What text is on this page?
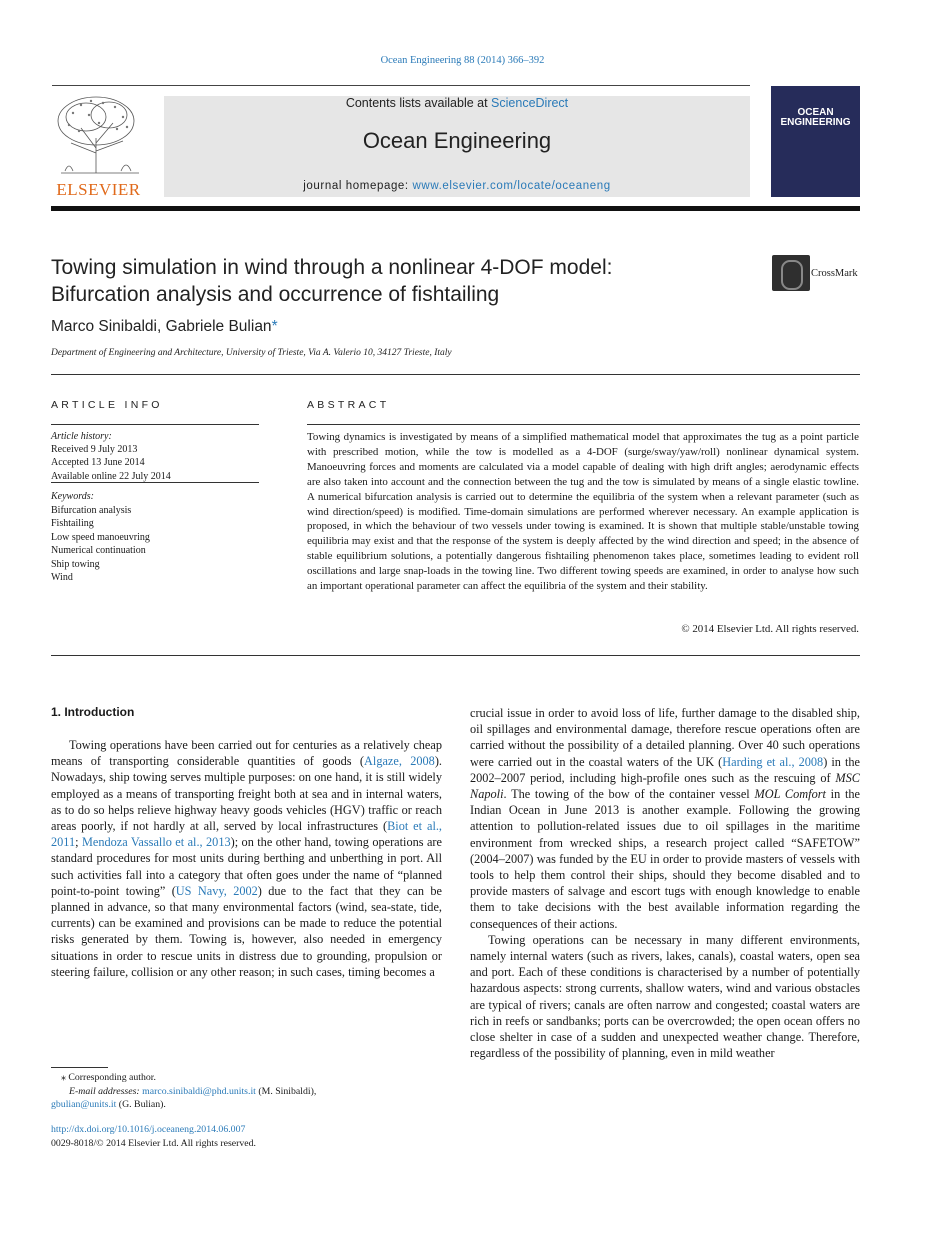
Ocean Engineering 88 (2014) 366–392
ELSEVIER
Contents lists available at ScienceDirect
Ocean Engineering
journal homepage: www.elsevier.com/locate/oceaneng
OCEAN ENGINEERING
Towing simulation in wind through a nonlinear 4-DOF model:
Bifurcation analysis and occurrence of fishtailing
CrossMark
Marco Sinibaldi, Gabriele Bulian*
Department of Engineering and Architecture, University of Trieste, Via A. Valerio 10, 34127 Trieste, Italy
ARTICLE INFO
Article history:
Received 9 July 2013
Accepted 13 June 2014
Available online 22 July 2014
Keywords:
Bifurcation analysis
Fishtailing
Low speed manoeuvring
Numerical continuation
Ship towing
Wind
ABSTRACT
Towing dynamics is investigated by means of a simplified mathematical model that approximates the tug as a point particle with prescribed motion, while the tow is modelled as a 4-DOF (surge/sway/yaw/roll) nonlinear dynamical system. Manoeuvring forces and moments are calculated via a model capable of dealing with high drift angles; aerodynamic effects are also taken into account and the connection between the tug and the tow is simulated by means of a single elastic towline. A numerical bifurcation analysis is carried out to determine the equilibria of the system when a relevant parameter (such as wind direction/speed) is modified. Time-domain simulations are performed wherever necessary. An example application is proposed, in which the behaviour of two vessels under towing is examined. It is shown that multiple stable/unstable towing equilibria may exist and that the response of the system is deeply affected by the wind direction and speed; in the absence of stable equilibrium solutions, a potentially dangerous fishtailing phenomenon takes place, sometimes leading to evident roll oscillations and large snap-loads in the towing line. Two different towing speeds are examined, in order to analyse how such an important operational parameter can affect the equilibria of the system and their stability.
© 2014 Elsevier Ltd. All rights reserved.
1. Introduction

Towing operations have been carried out for centuries as a relatively cheap means of transporting considerable quantities of goods (Algaze, 2008). Nowadays, ship towing serves multiple purposes: on one hand, it is still widely employed as a means of transporting freight both at sea and in internal waters, as to do so helps relieve highway heavy goods vehicles (HGV) traffic or reach areas poorly, if not hardly at all, served by local infrastructures (Biot et al., 2011; Mendoza Vassallo et al., 2013); on the other hand, towing operations are standard procedures for most units during berthing and unberthing in port. All such activities fall into a category that often goes under the name of “planned point-to-point towing” (US Navy, 2002) due to the fact that they can be planned in advance, so that many environmental factors (wind, sea-state, tide, currents) can be examined and provisions can be made to reduce the potential risks generated by them. Towing is, however, also needed in emergency situations in order to rescue units in distress due to grounding, propulsion or steering failure, collision or any other reason; in such cases, timing becomes a

crucial issue in order to avoid loss of life, further damage to the disabled ship, oil spillages and environmental damage, therefore rescue operations often are carried without the possibility of a detailed planning. Over 40 such operations were carried out in the coastal waters of the UK (Harding et al., 2008) in the 2002–2007 period, including high-profile ones such as the rescuing of MSC Napoli. The towing of the bow of the container vessel MOL Comfort in the Indian Ocean in June 2013 is another example. Following the growing attention to pollution-related issues due to oil spillages in the maritime environment from wrecked ships, a research project called “SAFETOW” (2004–2007) was funded by the EU in order to provide masters of vessels with tools to help them control their ships, should they become disabled and to provide masters of salvage and escort tugs with enough knowledge to enable them to take decisions with the best available information regarding the consequences of their actions.

Towing operations can be necessary in many different environments, namely internal waters (such as rivers, lakes, canals), coastal waters, open sea and port. Each of these conditions is characterised by a number of potentially hazardous aspects: strong currents, shallow waters, wind and various obstacles are typical of rivers; canals are often narrow and congested; coastal waters are rich in reefs or sandbanks; ports can be overcrowded; the open ocean offers no close shelter in case of a sudden and unexpected weather change. Therefore, regardless of the possibility of planning, even in mild weather

⁎ Corresponding author.
E-mail addresses: marco.sinibaldi@phd.units.it (M. Sinibaldi),
gbulian@units.it (G. Bulian).
http://dx.doi.org/10.1016/j.oceaneng.2014.06.007
0029-8018/© 2014 Elsevier Ltd. All rights reserved.
